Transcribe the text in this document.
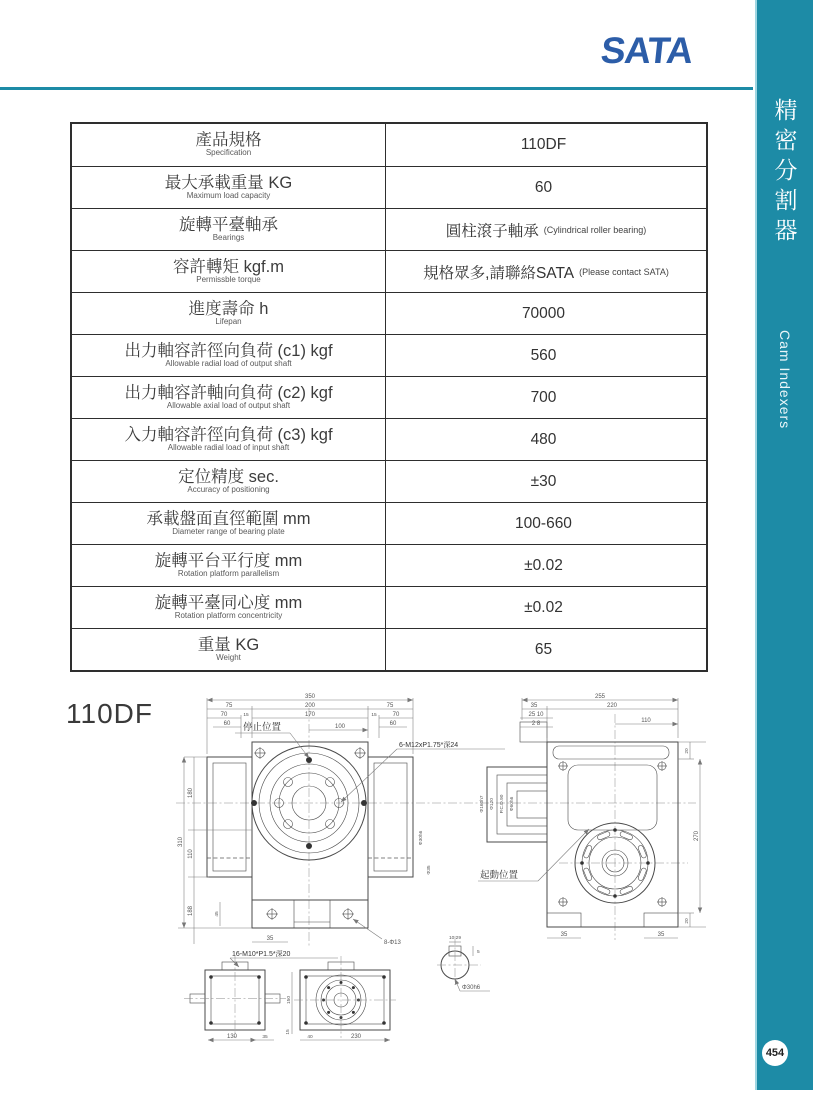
SATA
精密分割器
Cam Indexers
454
產品規格
Specification	110DF
最大承載重量 KG
Maximum load capacity	60
旋轉平臺軸承
Bearings	圓柱滾子軸承 (Cylindrical roller bearing)
容許轉矩 kgf.m
Permissble torque	規格眾多,請聯絡SATA (Please contact SATA)
進度壽命 h
Lifepan	70000
出力軸容許徑向負荷 (c1) kgf
Allowable radial load of output shaft	560
出力軸容許軸向負荷 (c2) kgf
Allowable axial load of output shaft	700
入力軸容許徑向負荷 (c3) kgf
Allowable radial load of input shaft	480
定位精度 sec.
Accuracy of positioning	±30
承載盤面直徑範圍 mm
Diameter range of bearing plate	100-660
旋轉平台平行度 mm
Rotation platform parallelism	±0.02
旋轉平臺同心度 mm
Rotation platform concentricity	±0.02
重量 KG
Weight	65
110DF
350
75	200	75
70	15	170	15	70
60	100	60
310
180
110
188	45
35
Φ30h6
Φ35
停止位置
6-M12xP1.75*深24
8-Φ13
16-M10*P1.5*深20
Φ160h7 Φ120 P.C.D.90 Φ60h6
255
35	220
25 10
2 8	110
20
270
20
35	35
起動位置
130	35
150
15
40	230
10 29
5
Φ30h6
